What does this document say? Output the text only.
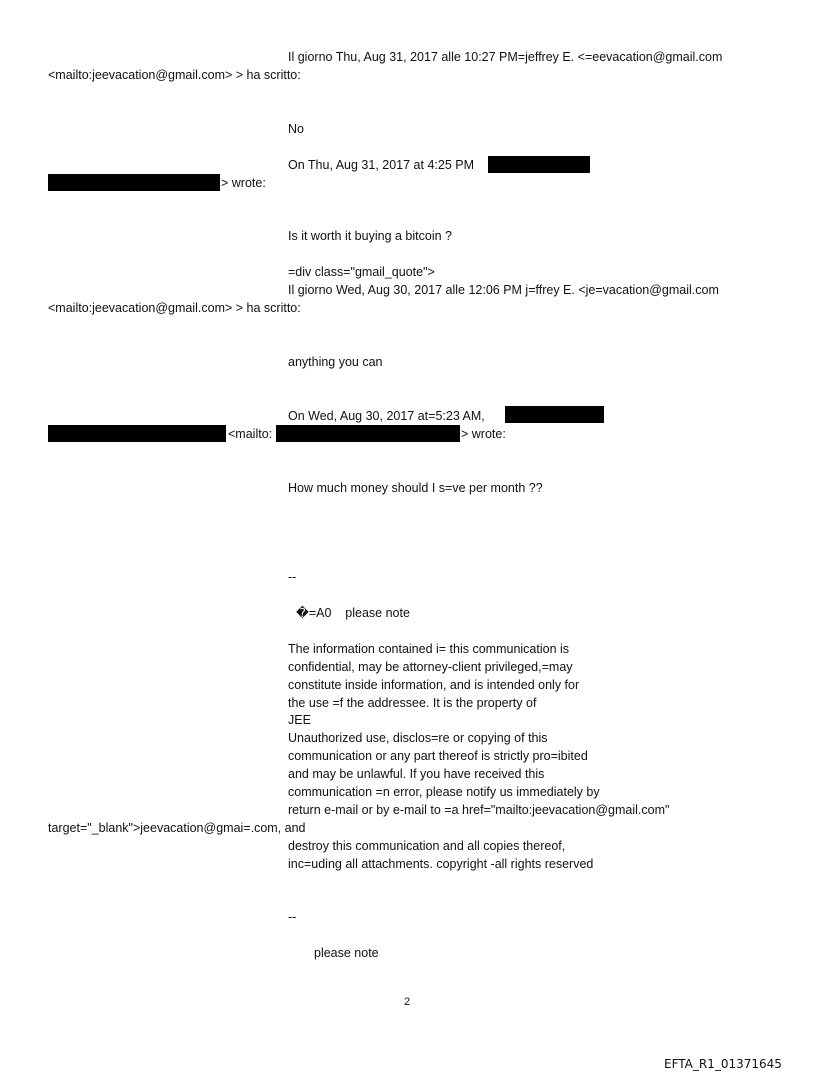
Il giorno Thu, Aug 31, 2017 alle 10:27 PM=jeffrey E. <=eevacation@gmail.com
<mailto:jeevacation@gmail.com> > ha scritto:
No
On Thu, Aug 31, 2017 at 4:25 PM
> wrote:
Is it worth it buying a bitcoin ?
=div class="gmail_quote">
Il giorno Wed, Aug 30, 2017 alle 12:06 PM j=ffrey E. <je=vacation@gmail.com
<mailto:jeevacation@gmail.com> > ha scritto:
anything you can
On Wed, Aug 30, 2017 at=5:23 AM,
<mailto:	> wrote:
How much money should I s=ve per month ??
--
�=A0    please note
The information contained i= this communication is
confidential, may be attorney-client privileged,=may
constitute inside information, and is intended only for
the use =f the addressee. It is the property of
JEE
Unauthorized use, disclos=re or copying of this
communication or any part thereof is strictly pro=ibited
and may be unlawful. If you have received this
communication =n error, please notify us immediately by
return e-mail or by e-mail to =a href="mailto:jeevacation@gmail.com"
target="_blank">jeevacation@gmai=.com, and
destroy this communication and all copies thereof,
inc=uding all attachments. copyright -all rights reserved
--
please note
2
EFTA_R1_01371645
